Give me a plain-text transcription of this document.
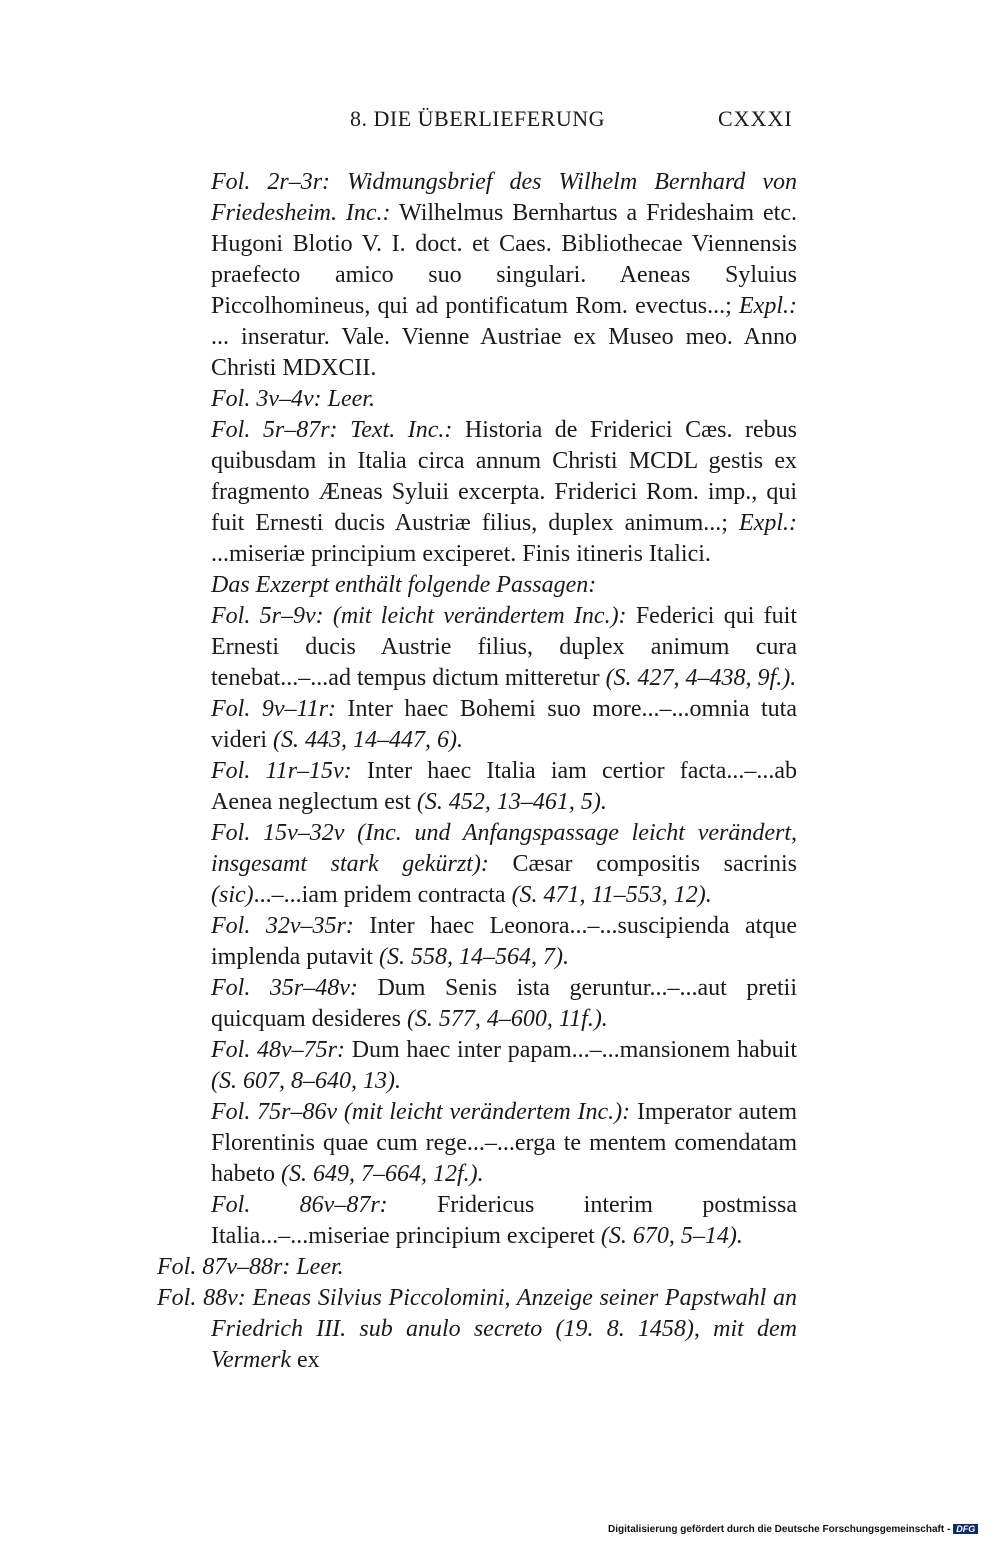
8. DIE ÜBERLIEFERUNG	CXXXI

Fol. 2r–3r: Widmungsbrief des Wilhelm Bernhard von Friedesheim. Inc.: Wilhelmus Bernhartus a Frideshaim etc. Hugoni Blotio V. I. doct. et Caes. Bibliothecae Viennensis praefecto amico suo singulari. Aeneas Syluius Piccolhomineus, qui ad pontificatum Rom. evectus...; Expl.: ... inseratur. Vale. Vienne Austriae ex Museo meo. Anno Christi MDXCII.

Fol. 3v–4v: Leer.

Fol. 5r–87r: Text. Inc.: Historia de Friderici Cæs. rebus quibusdam in Italia circa annum Christi MCDL gestis ex fragmento Æneas Syluii excerpta. Friderici Rom. imp., qui fuit Ernesti ducis Austriæ filius, duplex animum...; Expl.: ...miseriæ principium exciperet. Finis itineris Italici.

Das Exzerpt enthält folgende Passagen:

Fol. 5r–9v: (mit leicht verändertem Inc.): Federici qui fuit Ernesti ducis Austrie filius, duplex animum cura tenebat...–...ad tempus dictum mitteretur (S. 427, 4–438, 9f.).

Fol. 9v–11r: Inter haec Bohemi suo more...–...omnia tuta videri (S. 443, 14–447, 6).

Fol. 11r–15v: Inter haec Italia iam certior facta...–...ab Aenea neglectum est (S. 452, 13–461, 5).

Fol. 15v–32v (Inc. und Anfangspassage leicht verändert, insgesamt stark gekürzt): Cæsar compositis sacrinis (sic)...–...iam pridem contracta (S. 471, 11–553, 12).

Fol. 32v–35r: Inter haec Leonora...–...suscipienda atque implenda putavit (S. 558, 14–564, 7).

Fol. 35r–48v: Dum Senis ista geruntur...–...aut pretii quicquam desideres (S. 577, 4–600, 11f.).

Fol. 48v–75r: Dum haec inter papam...–...mansionem habuit (S. 607, 8–640, 13).

Fol. 75r–86v (mit leicht verändertem Inc.): Imperator autem Florentinis quae cum rege...–...erga te mentem comendatam habeto (S. 649, 7–664, 12f.).

Fol. 86v–87r: Fridericus interim postmissa Italia...–...miseriae principium exciperet (S. 670, 5–14).

Fol. 87v–88r: Leer.

Fol. 88v: Eneas Silvius Piccolomini, Anzeige seiner Papstwahl an Friedrich III. sub anulo secreto (19. 8. 1458), mit dem Vermerk ex

Digitalisierung gefördert durch die Deutsche Forschungsgemeinschaft - DFG
